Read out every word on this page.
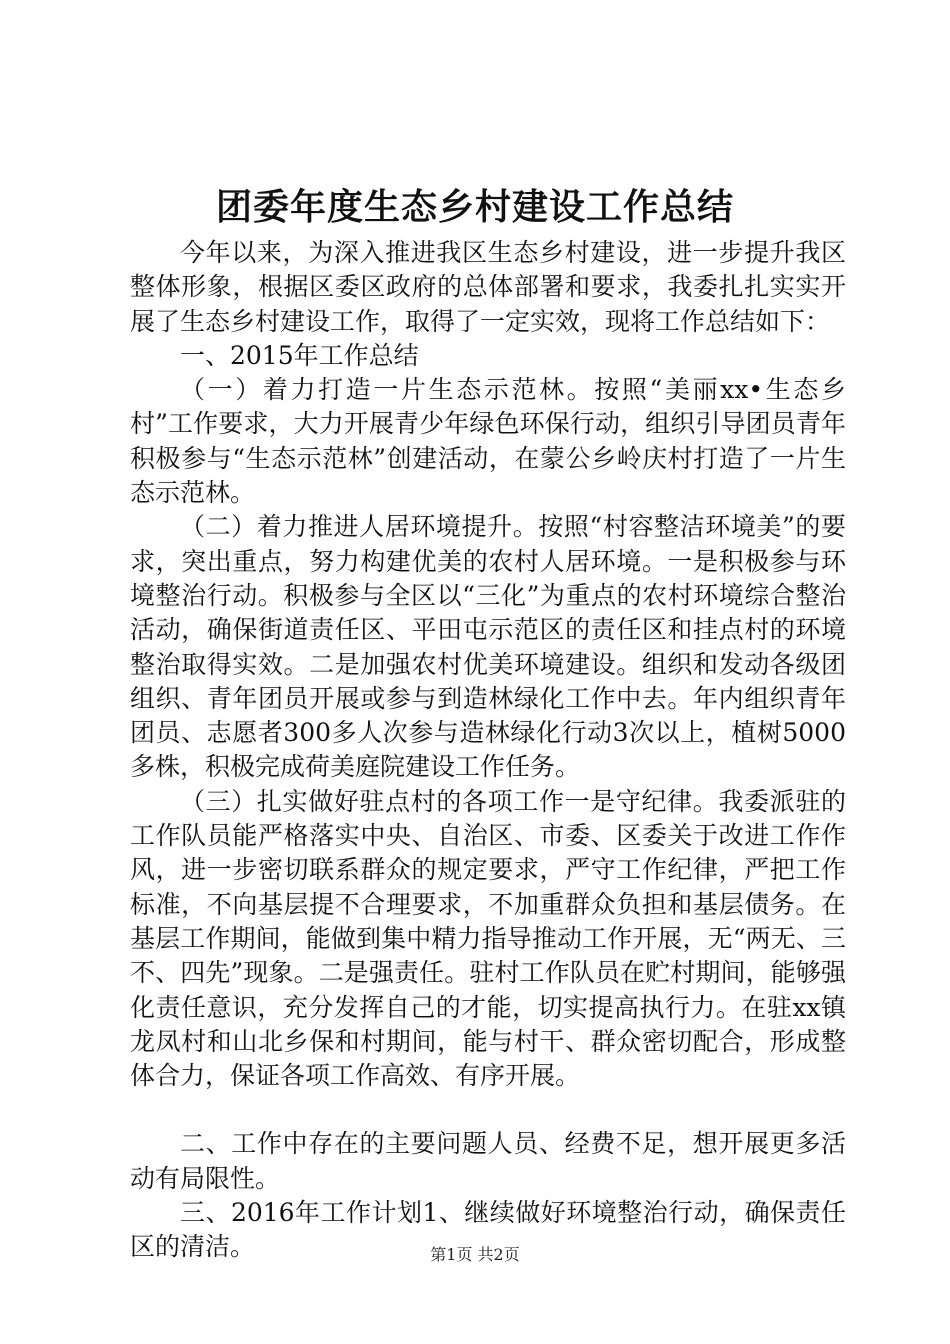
团委年度生态乡村建设工作总结

今年以来，为深入推进我区生态乡村建设，进一步提升我区整体形象，根据区委区政府的总体部署和要求，我委扎扎实实开展了生态乡村建设工作，取得了一定实效，现将工作总结如下：

一、2015年工作总结

（一）着力打造一片生态示范林。按照“美丽xx•生态乡村”工作要求，大力开展青少年绿色环保行动，组织引导团员青年积极参与“生态示范林”创建活动，在蒙公乡岭庆村打造了一片生态示范林。

（二）着力推进人居环境提升。按照“村容整洁环境美”的要求，突出重点，努力构建优美的农村人居环境。一是积极参与环境整治行动。积极参与全区以“三化”为重点的农村环境综合整治活动，确保街道责任区、平田屯示范区的责任区和挂点村的环境整治取得实效。二是加强农村优美环境建设。组织和发动各级团组织、青年团员开展或参与到造林绿化工作中去。年内组织青年团员、志愿者300多人次参与造林绿化行动3次以上，植树5000多株，积极完成荷美庭院建设工作任务。

（三）扎实做好驻点村的各项工作一是守纪律。我委派驻的工作队员能严格落实中央、自治区、市委、区委关于改进工作作风，进一步密切联系群众的规定要求，严守工作纪律，严把工作标准，不向基层提不合理要求，不加重群众负担和基层债务。在基层工作期间，能做到集中精力指导推动工作开展，无“两无、三不、四先”现象。二是强责任。驻村工作队员在贮村期间，能够强化责任意识，充分发挥自己的才能，切实提高执行力。在驻xx镇龙凤村和山北乡保和村期间，能与村干、群众密切配合，形成整体合力，保证各项工作高效、有序开展。

二、工作中存在的主要问题人员、经费不足，想开展更多活动有局限性。

三、2016年工作计划1、继续做好环境整治行动，确保责任区的清洁。	第1页 共2页
